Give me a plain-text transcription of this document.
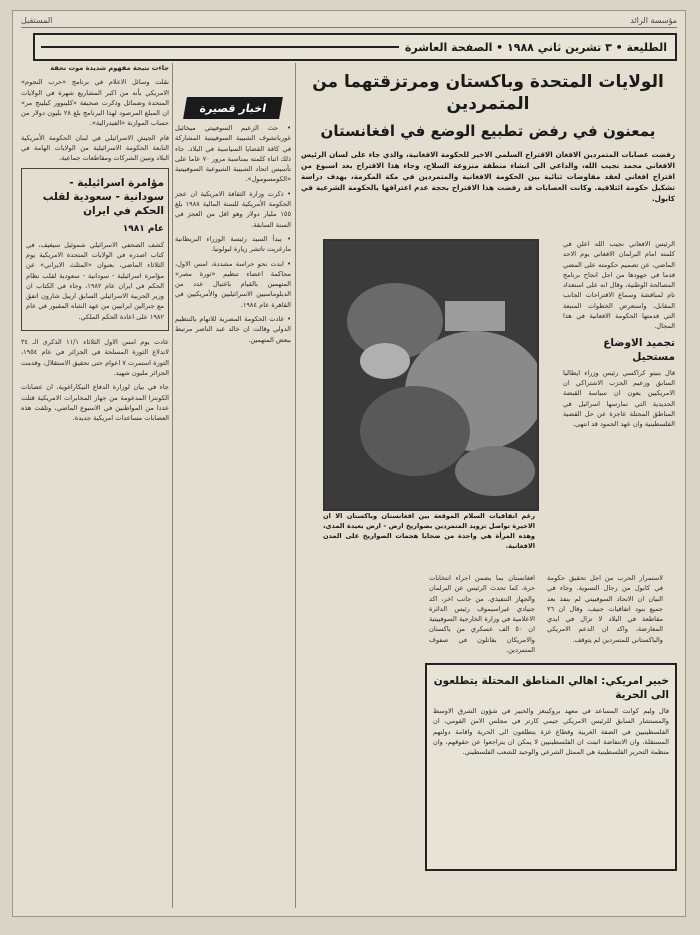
مؤسسة الرائد
المستقبل
الطليعة • ٣ تشرين ثاني ١٩٨٨ • الصفحة العاشرة
الولايات المتحدة وباكستان ومرتزقتهما من المتمردين
يمعنون في رفض تطبيع الوضع في افغانستان
رفضت عصابات المتمردين الافغان الاقتراح السلمي الاخير للحكومة الافغانية، والذي جاء على لسان الرئيس الافغاني محمد نجيب الله، والداعي الى انشاء منطقة منزوعة السلاح، وجاء هذا الاقتراح بعد اسبوع من اقتراح افغاني لعقد مفاوضات ثنائية بين الحكومة الافغانية والمتمردين في مكة المكرمة، بهدف دراسة تشكيل حكومة ائتلافية. وكانت العصابات قد رفضت هذا الاقتراح بحجة عدم اعترافها بالحكومة الشرعية في كابول.
رغم اتفاقيات السلام الموقعة بين افغانستان وباكستان الا ان الاخيرة تواصل تزويد المتمردين بصواريخ ارض - ارض بعيدة المدى، وهذه المرأة هي واحدة من ضحايا هجمات الصواريخ على المدن الافغانية.

الرئيس الافغاني نجيب الله اعلن في كلمته امام البرلمان الافغاني يوم الاحد الماضي، عن تصميم حكومته على المضي قدما في جهودها من اجل انجاح برنامج المصالحة الوطنية، وقال انه على استعداد تام لمناقشة وسماع الاقتراحات الجانب المقابل، واستعرض الخطوات المتبعة التي قدمتها الحكومة الافغانية في هذا المجال.

تجميد الاوضاع مستحيل

قال بنيتو كراكسي رئيس وزراء ايطاليا السابق وزعيم الحزب الاشتراكي ان الامريكيين يعون ان سياسة القبضة الحديدية التي تمارسها اسرائيل في المناطق المحتلة عاجزة عن حل القضية الفلسطينية وان عهد الجمود قد انتهى.

افغانستان بما يضمن اجراء انتخابات حرة، كما تحدث الرئيس عن البرلمان والجهاز التنفيذي. من جانب اخر، اكد جنيادي غيراسيموف رئيس الدائرة الاعلامية في وزارة الخارجية السوفييتية ان ٥٠ الف عسكري من باكستان والامريكان يقاتلون في صفوف المتمردين.

لاستمرار الحرب من اجل تحقيق حكومة في كابول من رجال التسوية. وجاء في البيان ان الاتحاد السوفييتي لم ينفذ بعد جميع بنود اتفاقيات جنيف، وقال ان ٢٦ مقاطعة في البلاد لا تزال في ايدي المعارضة، واكد ان الدعم الامريكي والباكستاني للمتمردين لم يتوقف.

خبير امريكي: اهالي المناطق المحتلة يتطلعون الى الحرية

قال وليم كوانت المساعد في معهد بروكينغز والخبير في شؤون الشرق الاوسط والمستشار السابق للرئيس الامريكي جيمي كارتر في مجلس الامن القومي، ان الفلسطينيين في الضفة الغربية وقطاع غزة يتطلعون الى الحرية واقامة دولتهم المستقلة، وان الانتفاضة اثبتت ان الفلسطينيين لا يمكن ان يتراجعوا عن حقوقهم، وان منظمة التحرير الفلسطينية هي الممثل الشرعي والوحيد للشعب الفلسطيني.

اخبار قصيرة

• حث الزعيم السوفييتي ميخائيل غورباتشوف الشبيبة السوفييتية المشاركة في كافة القضايا السياسية في البلاد. جاء ذلك اثناء كلمته بمناسبة مرور ٧٠ عاما على تأسيس اتحاد الشبيبة الشيوعية السوفييتية «الكومسومول».

• ذكرت وزارة الثقافة الامريكية ان عجز الحكومة الأمريكية للسنة المالية ١٩٨٨ بلغ ١٥٥ مليار دولار وهو اقل من العجز في السنة السابقة.

• يبدأ السيد رئيسة الوزراء البريطانية مارغريت تاتشر زيارة لبولونيا.

• ابدت نحو حراسة مشددة، امس الاول، محاكمة اعضاء تنظيم «ثورة مصر» المتهمين بالقيام باغتيال عدد من الدبلوماسيين الاسرائيليين والأمريكيين في القاهرة عام ١٩٨٤.

• عادت الحكومة المصرية للاتهام بالتنظيم الدولي وقالت ان خالد عبد الناصر مرتبط ببعض المتهمين.

جاءت نتيجة مفهوم شديدة موت نحفة

نقلت وسائل الاعلام في برنامج «حرب النجوم» الامريكي بأنه من اكبر المشاريع شهرة في الولايات المتحدة وضمائل وذكرت صحيفة «كلينوور كيلينج مر» ان المبلغ المرصود لهذا البرنامج بلغ ٢٨ بليون دولار من حساب الموازنة «الفيدرالية».

قام الجيش الاسرائيلي في لبنان الحكومة الأمريكية التابعة الحكومة الاسرائيلية من الولايات الهامة في البلاد وتبين الشركات ومقاطعات جماعية.

مؤامرة اسرائيلية - سودانية - سعودية لقلب الحكم في ايران
عام ١٩٨١

كشف الصحفي الاسرائيلي شموئيل سيغيف، في كتاب اصدره في الولايات المتحدة الامريكية يوم الثلاثاء الماضي، بعنوان «المثلث الايراني» عن مؤامرة اسرائيلية - سودانية - سعودية لقلب نظام الحكم في ايران عام ١٩٨٢، وجاء في الكتاب ان وزير الحربية الاسرائيلي السابق ارييل شارون اتفق مع جنرالين ايرانيين من عهد الشاه المقبور في عام ١٩٨٢ على اعادة الحكم الملكي.

عادت يوم امس الاول الثلاثاء ١١/١ الذكرى الـ ٣٤ لاندلاع الثورة المسلحة في الجزائر في عام ١٩٥٤، الثورة استمرت ٧ اعوام حتى تحقيق الاستقلال، وقدمت الجزائر مليون شهيد.

جاء في بيان لوزارة الدفاع النيكاراغوية، ان عصابات الكونترا المدعومة من جهاز المخابرات الامريكية قتلت عددا من المواطنين في الاسبوع الماضي، وتلقت هذه العصابات مساعدات امريكية جديدة.
